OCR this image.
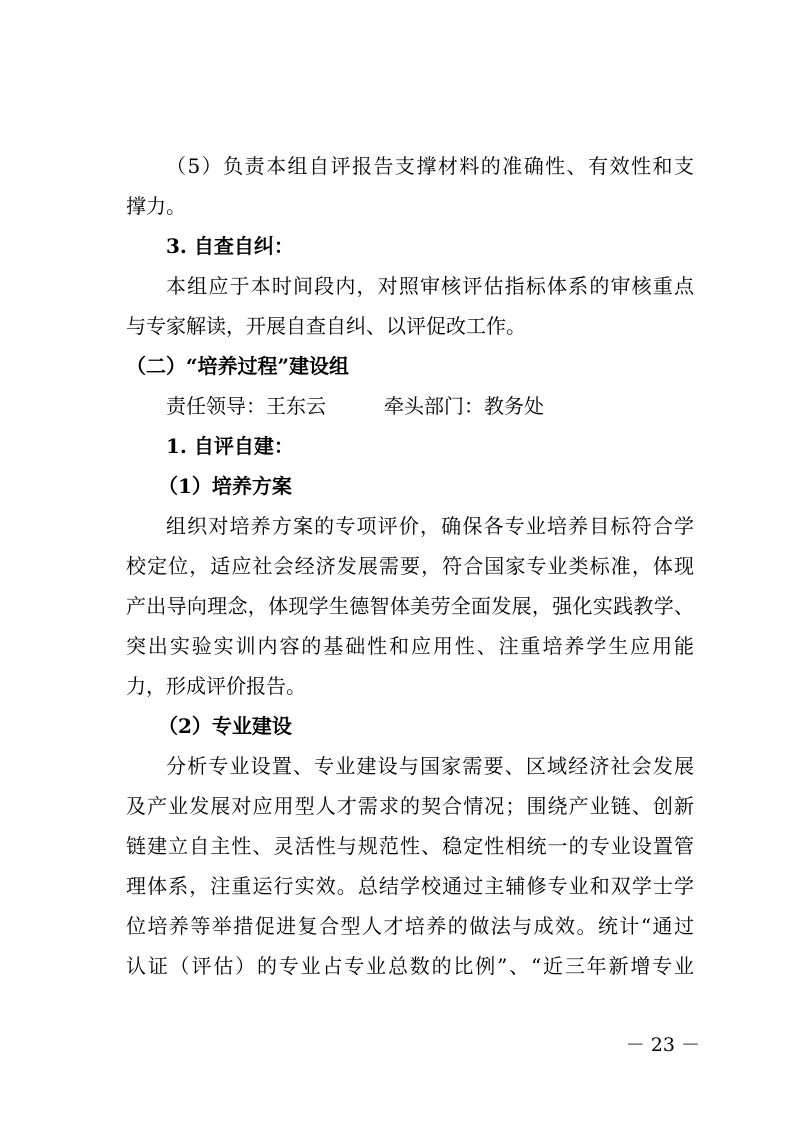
（5）负责本组自评报告支撑材料的准确性、有效性和支
撑力。
3. 自查自纠：
本组应于本时间段内，对照审核评估指标体系的审核重点
与专家解读，开展自查自纠、以评促改工作。
（二）“培养过程”建设组
责任领导：王东云	牵头部门：教务处
1. 自评自建：
（1）培养方案
组织对培养方案的专项评价，确保各专业培养目标符合学
校定位，适应社会经济发展需要，符合国家专业类标准，体现
产出导向理念，体现学生德智体美劳全面发展，强化实践教学、
突出实验实训内容的基础性和应用性、注重培养学生应用能
力，形成评价报告。
（2）专业建设
分析专业设置、专业建设与国家需要、区域经济社会发展
及产业发展对应用型人才需求的契合情况；围绕产业链、创新
链建立自主性、灵活性与规范性、稳定性相统一的专业设置管
理体系，注重运行实效。总结学校通过主辅修专业和双学士学
位培养等举措促进复合型人才培养的做法与成效。统计“通过
认证（评估）的专业占专业总数的比例”、“近三年新增专业
－ 23 －
